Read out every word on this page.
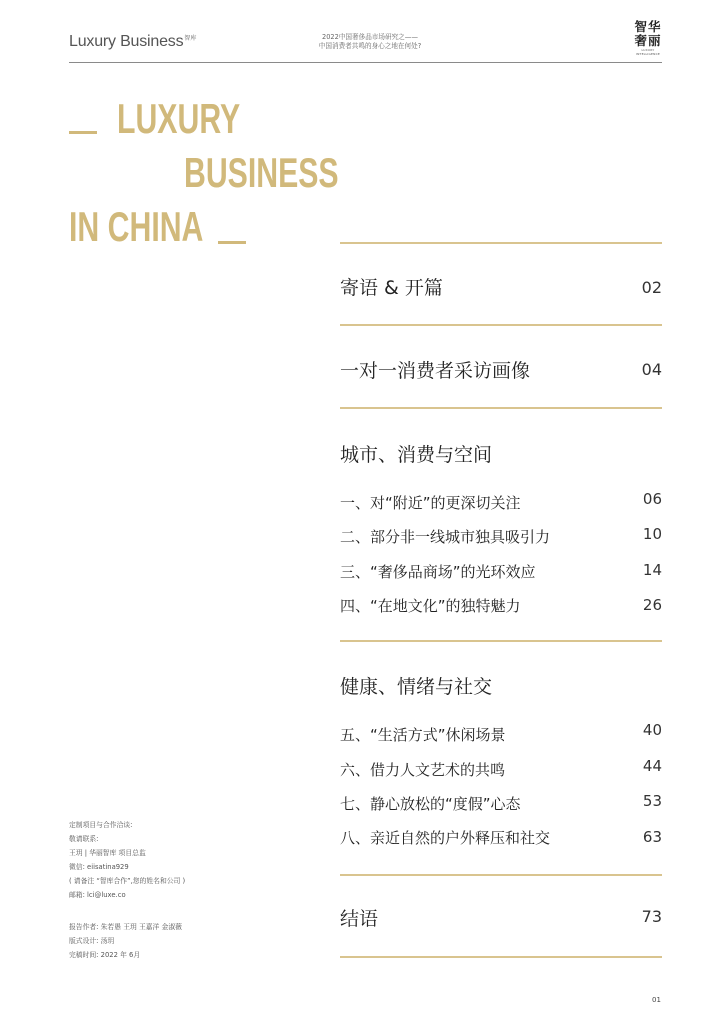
Luxury Business$^{智库}$	2022中国奢侈品市场研究之——
中国消费者共鸣的身心之地在何处?
智华
奢丽
LUXURY
INTELLIGENCE
LUXURY
BUSINESS
IN CHINA
寄语 & 开篇	02
一对一消费者采访画像	04
城市、消费与空间
一、对“附近”的更深切关注	06
二、部分非一线城市独具吸引力	10
三、“奢侈品商场”的光环效应	14
四、“在地文化”的独特魅力	26
健康、情绪与社交
五、“生活方式”休闲场景	40
六、借力人文艺术的共鸣	44
七、静心放松的“度假”心态	53
八、亲近自然的户外释压和社交	63
结语	73
定制项目与合作洽谈:
敬请联系:
王玥 | 华丽智库 项目总监
微信: eiisatina929
( 请备注 “智库合作”,您的姓名和公司 )
邮箱: lci@luxe.co
报告作者: 朱若愚 王玥 王嘉洋 金淑薇
版式设计: 汤玥
完稿时间: 2022 年 6月
01
